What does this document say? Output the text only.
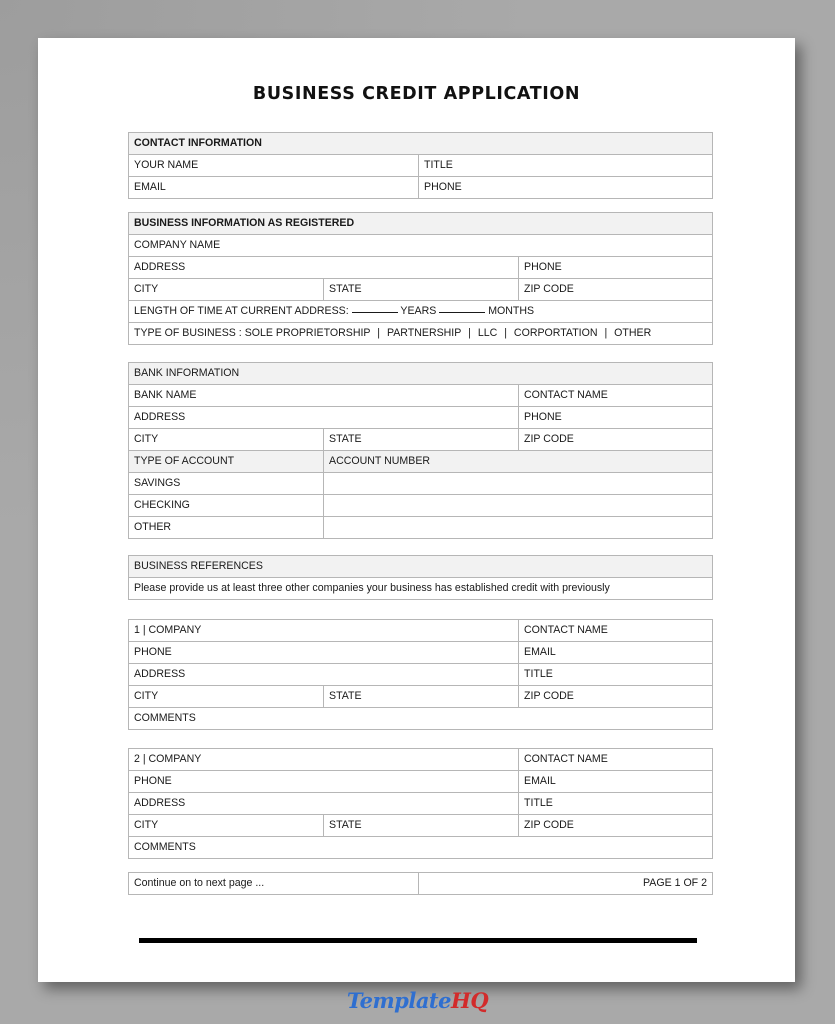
BUSINESS CREDIT APPLICATION
CONTACT INFORMATION	
YOUR NAME	TITLE
EMAIL	PHONE
BUSINESS INFORMATION AS REGISTERED		
COMPANY NAME		
ADDRESS		PHONE
CITY	STATE	ZIP CODE
LENGTH OF TIME AT CURRENT ADDRESS: YEARS MONTHS		
TYPE OF BUSINESS : SOLE PROPRIETORSHIP | PARTNERSHIP | LLC | CORPORTATION | OTHER		
BANK INFORMATION		
BANK NAME		CONTACT NAME
ADDRESS		PHONE
CITY	STATE	ZIP CODE
TYPE OF ACCOUNT	ACCOUNT NUMBER	
SAVINGS		
CHECKING		
OTHER		
BUSINESS REFERENCES
Please provide us at least three other companies your business has established credit with previously
1 | COMPANY		CONTACT NAME
PHONE		EMAIL
ADDRESS		TITLE
CITY	STATE	ZIP CODE
COMMENTS		
2 | COMPANY		CONTACT NAME
PHONE		EMAIL
ADDRESS		TITLE
CITY	STATE	ZIP CODE
COMMENTS		
Continue on to next page ...	PAGE 1 OF 2
TemplateHQ
